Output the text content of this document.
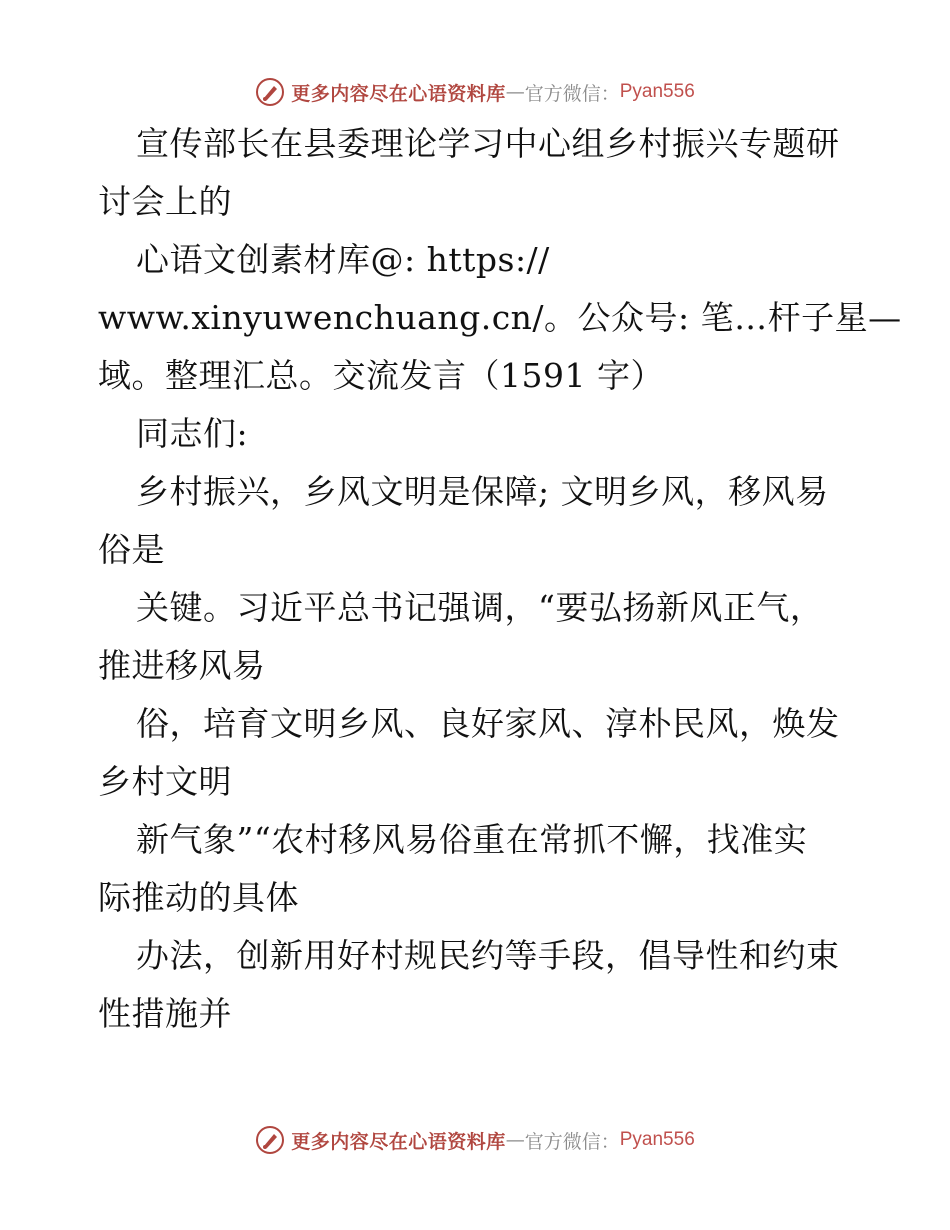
更多内容尽在心语资料库 — 官方微信： Pyan556
宣传部长在县委理论学习中心组乡村振兴专题研
讨会上的
心语文创素材库@: https://
www.xinyuwenchuang.cn/。公众号: 笔…杆子星—
域。整理汇总。交流发言（1591 字）
同志们:
乡村振兴，乡风文明是保障; 文明乡风，移风易
俗是
关键。习近平总书记强调，“要弘扬新风正气，
推进移风易
俗，培育文明乡风、良好家风、淳朴民风，焕发
乡村文明
新气象”“农村移风易俗重在常抓不懈，找准实
际推动的具体
办法，创新用好村规民约等手段，倡导性和约束
性措施并
更多内容尽在心语资料库 — 官方微信： Pyan556
